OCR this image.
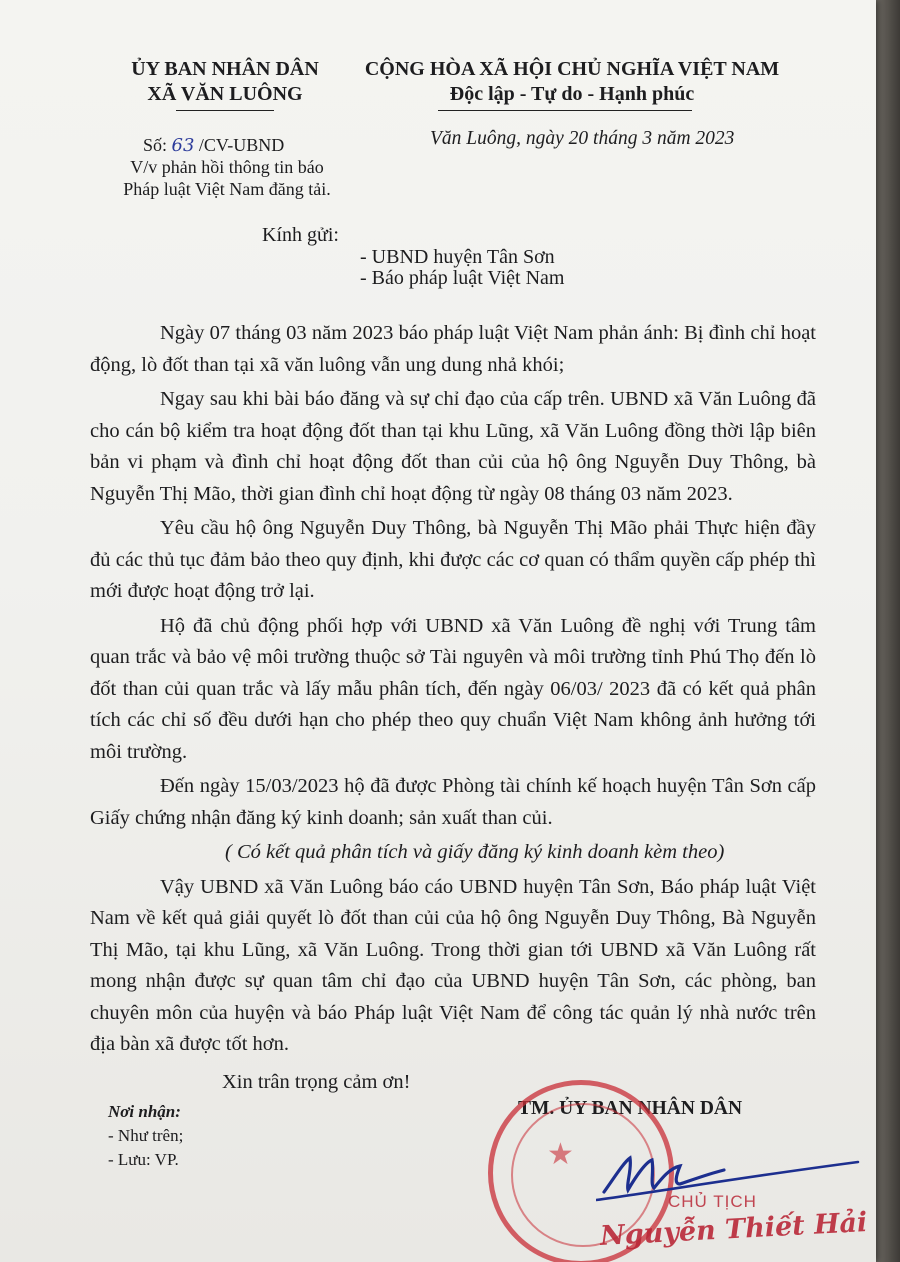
ỦY BAN NHÂN DÂN
XÃ VĂN LUÔNG
Số: 63 /CV-UBND
V/v phản hồi thông tin báo
Pháp luật Việt Nam đăng tải.
CỘNG HÒA XÃ HỘI CHỦ NGHĨA VIỆT NAM
Độc lập - Tự do - Hạnh phúc
Văn Luông, ngày 20 tháng 3 năm 2023
Kính gửi:
- UBND huyện Tân Sơn
- Báo pháp luật Việt Nam

Ngày 07 tháng 03 năm 2023 báo pháp luật Việt Nam phản ánh: Bị đình chỉ hoạt động, lò đốt than tại xã văn luông vẫn ung dung nhả khói;

Ngay sau khi bài báo đăng và sự chỉ đạo của cấp trên. UBND xã Văn Luông đã cho cán bộ kiểm tra hoạt động đốt than tại khu Lũng, xã Văn Luông đồng thời lập biên bản vi phạm và đình chỉ hoạt động đốt than củi của hộ ông Nguyễn Duy Thông, bà Nguyễn Thị Mão, thời gian đình chỉ hoạt động từ ngày 08 tháng 03 năm 2023.

Yêu cầu hộ ông Nguyễn Duy Thông, bà Nguyễn Thị Mão phải Thực hiện đầy đủ các thủ tục đảm bảo theo quy định, khi được các cơ quan có thẩm quyền cấp phép thì mới được hoạt động trở lại.

Hộ đã chủ động phối hợp với UBND xã Văn Luông đề nghị với Trung tâm quan trắc và bảo vệ môi trường thuộc sở Tài nguyên và môi trường tỉnh Phú Thọ đến lò đốt than củi quan trắc và lấy mẫu phân tích, đến ngày 06/03/ 2023 đã có kết quả phân tích các chỉ số đều dưới hạn cho phép theo quy chuẩn Việt Nam không ảnh hưởng tới môi trường.

Đến ngày 15/03/2023 hộ đã được Phòng tài chính kế hoạch huyện Tân Sơn cấp Giấy chứng nhận đăng ký kinh doanh; sản xuất than củi.

( Có kết quả phân tích và giấy đăng ký kinh doanh kèm theo)

Vậy UBND xã Văn Luông báo cáo UBND huyện Tân Sơn, Báo pháp luật Việt Nam về kết quả giải quyết lò đốt than củi của hộ ông Nguyễn Duy Thông, Bà Nguyễn Thị Mão, tại khu Lũng, xã Văn Luông. Trong thời gian tới UBND xã Văn Luông rất mong nhận được sự quan tâm chỉ đạo của UBND huyện Tân Sơn, các phòng, ban chuyên môn của huyện và báo Pháp luật Việt Nam để công tác quản lý nhà nước trên địa bàn xã được tốt hơn.

Xin trân trọng cảm ơn!

Nơi nhận:
- Như trên;
- Lưu: VP.
TM. ỦY BAN NHÂN DÂN
★
CHỦ TỊCH
Nguyễn Thiết Hải
